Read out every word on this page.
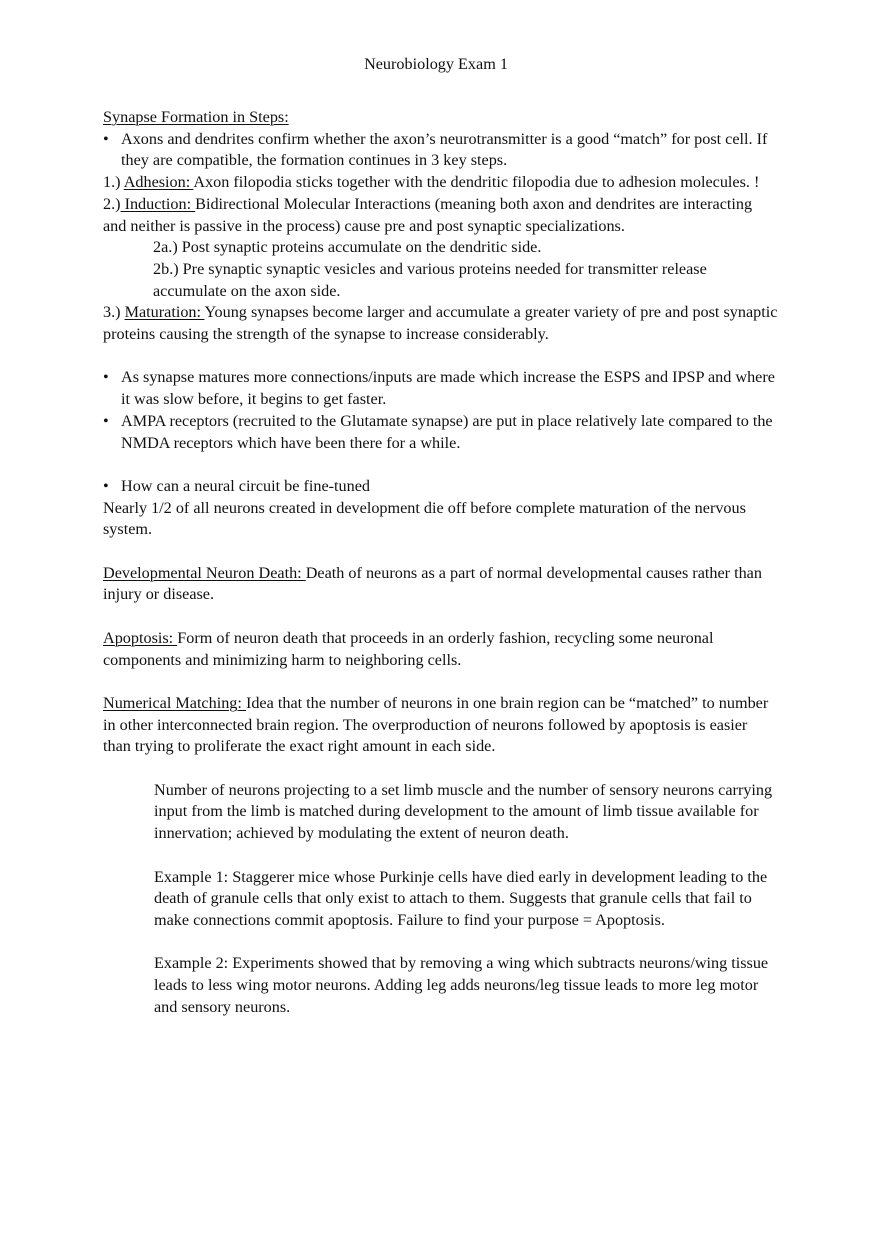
Neurobiology Exam 1

Synapse Formation in Steps:

• Axons and dendrites confirm whether the axon’s neurotransmitter is a good “match” for post cell. If they are compatible, the formation continues in 3 key steps.

1.) Adhesion: Axon filopodia sticks together with the dendritic filopodia due to adhesion molecules. !

2.) Induction: Bidirectional Molecular Interactions (meaning both axon and dendrites are interacting and neither is passive in the process) cause pre and post synaptic specializations.

2a.) Post synaptic proteins accumulate on the dendritic side.

2b.) Pre synaptic synaptic vesicles and various proteins needed for transmitter release accumulate on the axon side.

3.) Maturation: Young synapses become larger and accumulate a greater variety of pre and post synaptic proteins causing the strength of the synapse to increase considerably.

• As synapse matures more connections/inputs are made which increase the ESPS and IPSP and where it was slow before, it begins to get faster.

• AMPA receptors (recruited to the Glutamate synapse) are put in place relatively late compared to the NMDA receptors which have been there for a while.

• How can a neural circuit be fine-tuned

Nearly 1/2 of all neurons created in development die off before complete maturation of the nervous system.

Developmental Neuron Death: Death of neurons as a part of normal developmental causes rather than injury or disease.

Apoptosis: Form of neuron death that proceeds in an orderly fashion, recycling some neuronal components and minimizing harm to neighboring cells.

Numerical Matching: Idea that the number of neurons in one brain region can be “matched” to number in other interconnected brain region. The overproduction of neurons followed by apoptosis is easier than trying to proliferate the exact right amount in each side.

Number of neurons projecting to a set limb muscle and the number of sensory neurons carrying input from the limb is matched during development to the amount of limb tissue available for innervation; achieved by modulating the extent of neuron death.

Example 1: Staggerer mice whose Purkinje cells have died early in development leading to the death of granule cells that only exist to attach to them. Suggests that granule cells that fail to make connections commit apoptosis. Failure to find your purpose = Apoptosis.

Example 2: Experiments showed that by removing a wing which subtracts neurons/wing tissue leads to less wing motor neurons. Adding leg adds neurons/leg tissue leads to more leg motor and sensory neurons.
